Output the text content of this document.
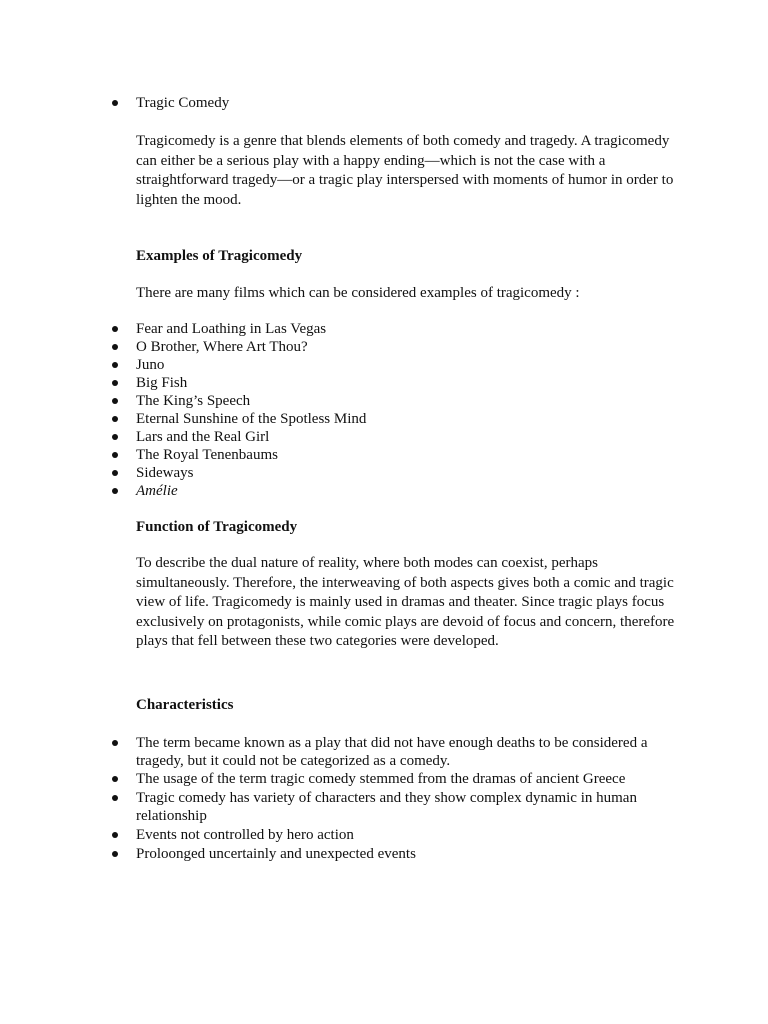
Tragic Comedy

Tragicomedy is a genre that blends elements of both comedy and tragedy. A tragicomedy can either be a serious play with a happy ending—which is not the case with a straightforward tragedy—or a tragic play interspersed with moments of humor in order to lighten the mood.

Examples of Tragicomedy

There are many films which can be considered examples of tragicomedy :

Fear and Loathing in Las Vegas
O Brother, Where Art Thou?
Juno
Big Fish
The King’s Speech
Eternal Sunshine of the Spotless Mind
Lars and the Real Girl
The Royal Tenenbaums
Sideways
Amélie

Function of Tragicomedy

To describe the dual nature of reality, where both modes can coexist, perhaps simultaneously. Therefore, the interweaving of both aspects gives both a comic and tragic view of life. Tragicomedy is mainly used in dramas and theater. Since tragic plays focus exclusively on protagonists, while comic plays are devoid of focus and concern, therefore plays that fell between these two categories were developed.

Characteristics

The term became known as a play that did not have enough deaths to be considered a tragedy, but it could not be categorized as a comedy.
The usage of the term tragic comedy stemmed from the dramas of ancient Greece
Tragic comedy has variety of characters and they show complex dynamic in human relationship
Events not controlled by hero action
Proloonged uncertainly and unexpected events
